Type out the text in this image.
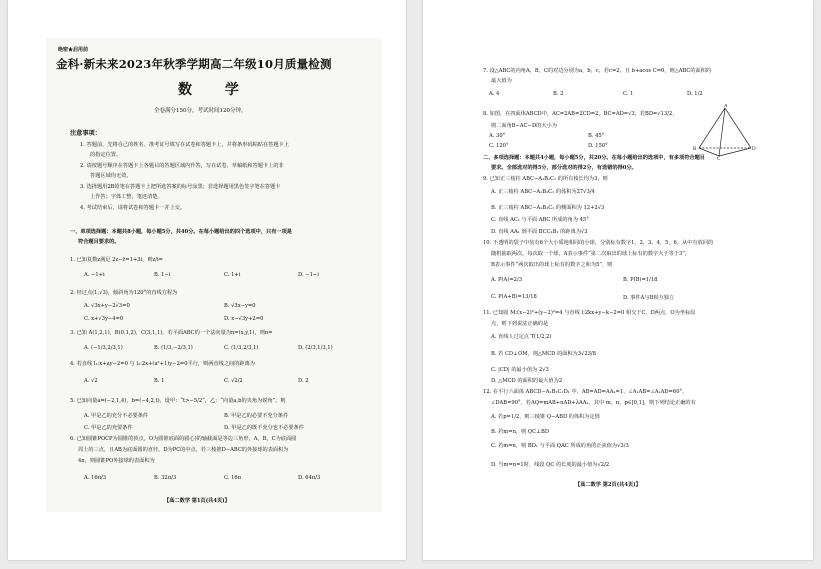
绝密★启用前
金科·新未来2023年秋季学期高二年级10月质量检测
数 学
全卷满分150分，考试时间120分钟。
注意事项：
1. 答题前，先将自己的姓名、准考证号填写在试卷和答题卡上，并将条形码粘贴在答题卡上
的指定位置。
2. 请按题号顺序在答题卡上各题目的答题区域内作答，写在试卷、草稿纸和答题卡上的非
答题区域均无效。
3. 选择题用2B铅笔在答题卡上把所选答案的标号涂黑；非选择题用黑色签字笔在答题卡
上作答；字体工整，笔迹清楚。
4. 考试结束后，请将试卷和答题卡一并上交。
一、单项选择题：本题共8小题，每小题5分，共40分。在每小题给出的四个选项中，只有一项是
符合题目要求的。
1. 已知复数z满足 2z−z̄=1+3i，则z/i=
A. −1+i	B. 1−i	C. 1+i	D. −1−i
2. 经过点(1,√3)，倾斜角为120°的直线方程为
A. √3x+y−2√3=0	B. √3x−y=0
C. x+√3y−4=0	D. x−√3y+2=0
3. 已知 A(1,2,1)，B(0,1,2)，C(3,1,1)，若平面ABC的一个法向量为n=(x,y,1)，则n=
A. (−1/3,2/3,1)	B. (1/3,−2/3,1)	C. (1/3,2/3,1)	D. (2/3,1/3,1)
4. 若直线 l₁:x+ay−2=0 与 l₂:2x+(a²+1)y−2=0平行，则两直线之间的距离为
A. √2	B. 1	C. √2/2	D. 2
5. 已知向量a=(−2,1,4)，b=(−4,2,t)，设甲：“t>−5/2”，乙：“向量a,b的夹角为锐角”，则
A. 甲是乙的充分不必要条件	B. 甲是乙的必要不充分条件
C. 甲是乙的充要条件	D. 甲是乙的既不充分也不必要条件
6. 已知圆锥POCP为圆锥的顶点，O为圆锥底面的圆心)的轴截面是等边三角形，A，B，C为底面圆
周上的三点，且AB为底面圆的直径，D为PC的中点，若三棱锥D−ABC的外接球的表面积为
4π，则圆锥PO外接球的表面积为
A. 16π/3	B. 32π/3	C. 16π	D. 64π/3
【高二数学 第1页(共4页)】
7. 设△ABC的内角A，B，C的对边分别为a，b，c，若c=2，且 b+acos C=0，则△ABC的面积的
最大值为
A. 4	B. 2	C. 1	D. 1/2
8. 如图，在四面体ABCD中，AC=2AB=2CD=2，BC=AD=√3，若BD=√13/2，
则二面角B−AC−D的大小为
A. 30°	B. 45°
C. 120°	D. 150°
A
B	D
C
二、多项选择题：本题共4小题，每小题5分，共20分。在每小题给出的选项中，有多项符合题目
要求。全部选对的得5分，部分选对的得2分，有选错的得0分。
9. 已知正三棱柱 ABC−A₁B₁C₁ 的所有棱长均为3，则
A. 正三棱柱 ABC−A₁B₁C₁ 的体积为27√3/4
B. 正三棱柱 ABC−A₁B₁C₁ 的侧面积为 12+2√3
C. 直线 AC₁ 与平面 ABC 所成的角为 45°
D. 直线 AA₁ 到平面 BCC₁B₁ 的距离为√3
10. 不透明的袋子中装有6个大小质地相同的小球，分别标有数字1，2，3，4，5，6，从中有放回的
随机抽取两次，每次取一个球，A表示事件“第二次取出的球上标有的数字大于等于3”，
B表示事件“两次取出的球上标有的数字之和为5”，则
A. P(A)=2/3	B. P(B)=1/18
C. P(A+B)=13/18	D. 事件A与B相互独立
11. 已知圆 M:(x−2)²+(y−2)²=4 与直线 l:2kx+y−k−2=0 相交于C，D两点，O为坐标原
点，则下列说法正确的是
A. 直线 l 过定点 T(1/2,2)
B. 若 CD⊥OM，则△MCD 的面积为3√23/8
C. |CD| 的最小值为 2√3
D. △MCD 的面积的最大值为2
12. 在平行六面体 ABCD−A₁B₁C₁D₁ 中，AB=AD=AA₁=1，∠A₁AB=∠A₁AD=60°，
∠DAB=90°，若AQ=mAB+nAD+λAA₁，其中 m，n，p∈[0,1]，则下列结论正确的有
A. 若p=1/2，则三棱锥 Q−ABD 的体积为定值
B. 若m=n，则 QC⊥BD
C. 若m=n，则 BD₁ 与平面 QAC 所成的角的正弦值为√3/3
D. 当m=n=1时，线段 QC 的长度的最小值为√2/2
【高二数学 第2页(共4页)】
